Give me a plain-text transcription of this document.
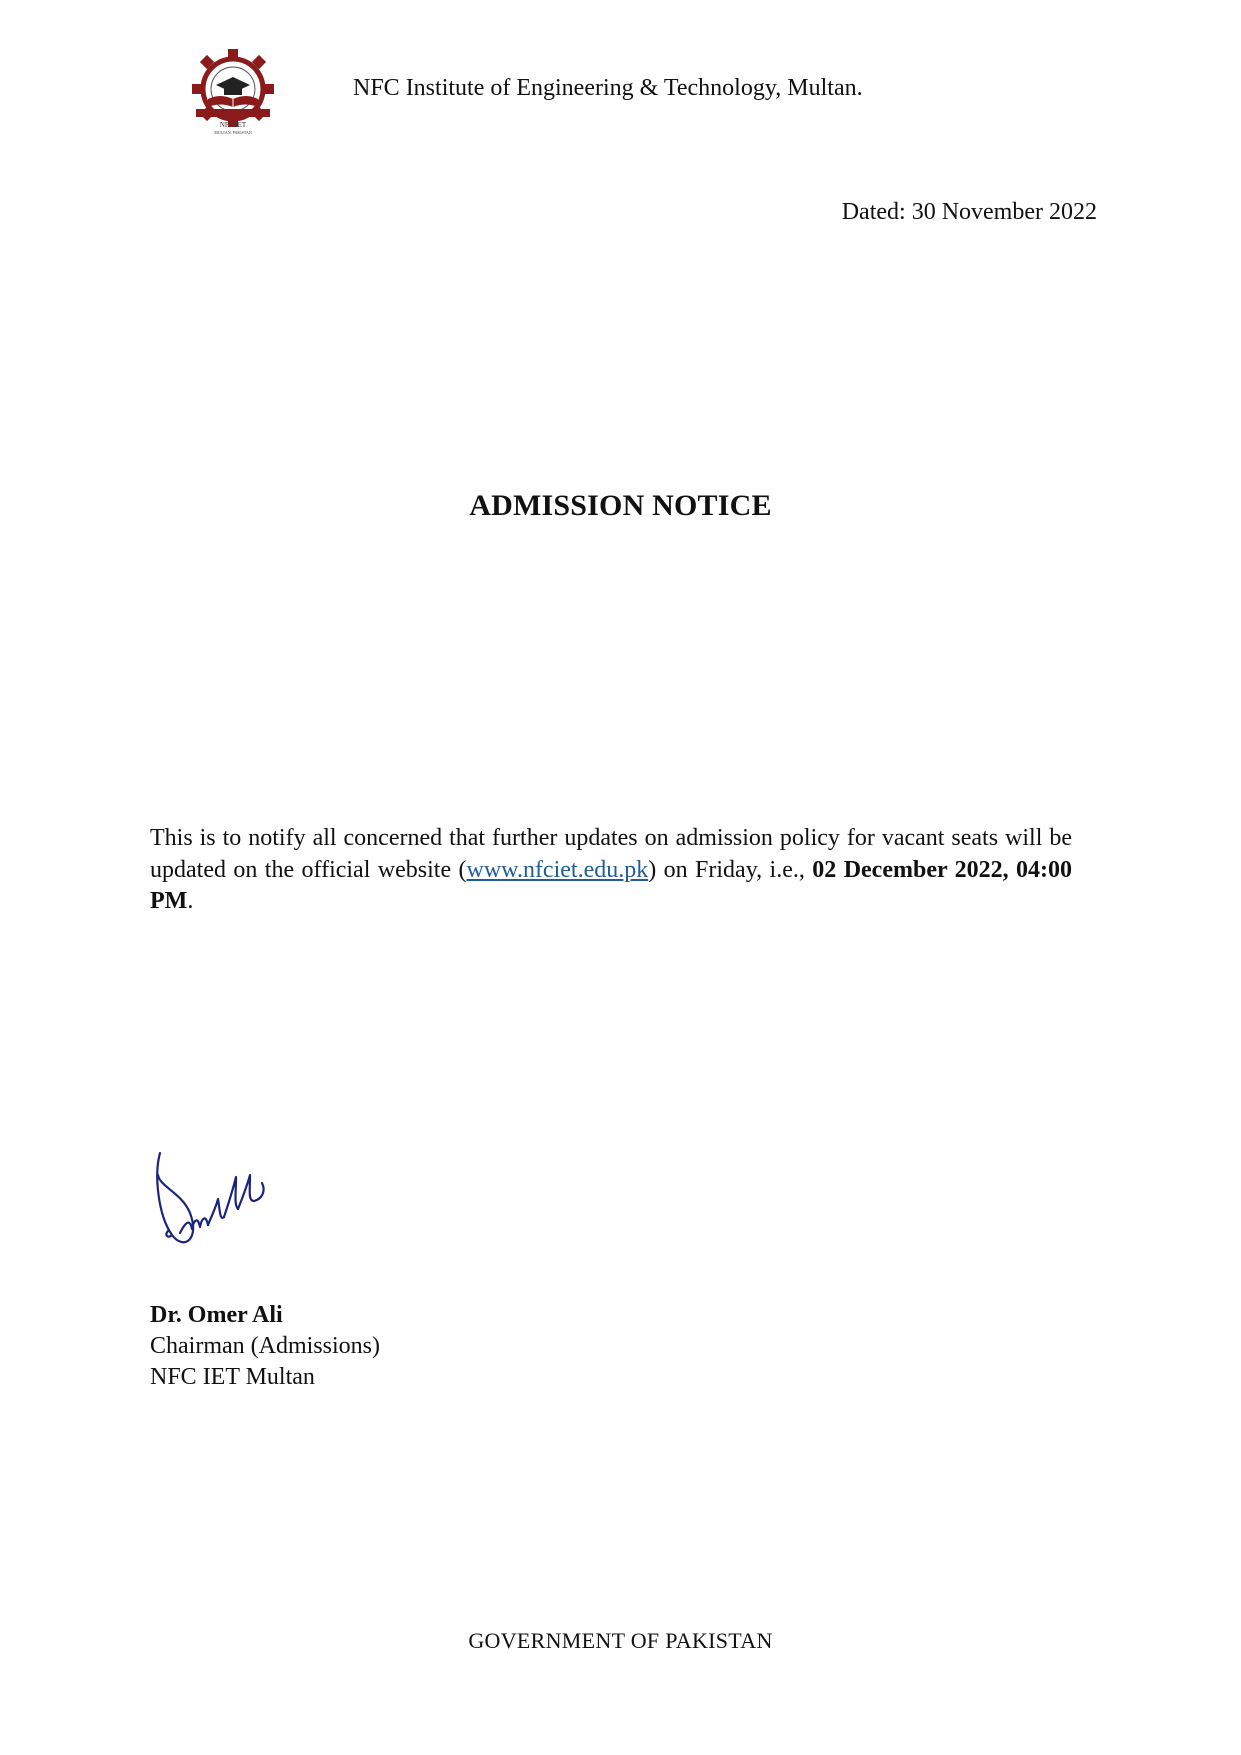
NFC IET
MULTAN, PAKISTAN
NFC Institute of Engineering & Technology, Multan.
Dated: 30 November 2022
ADMISSION NOTICE
This is to notify all concerned that further updates on admission policy for vacant seats will be updated on the official website (www.nfciet.edu.pk) on Friday, i.e., 02 December 2022, 04:00 PM.
Dr. Omer Ali
Chairman (Admissions)
NFC IET Multan
GOVERNMENT OF PAKISTAN
